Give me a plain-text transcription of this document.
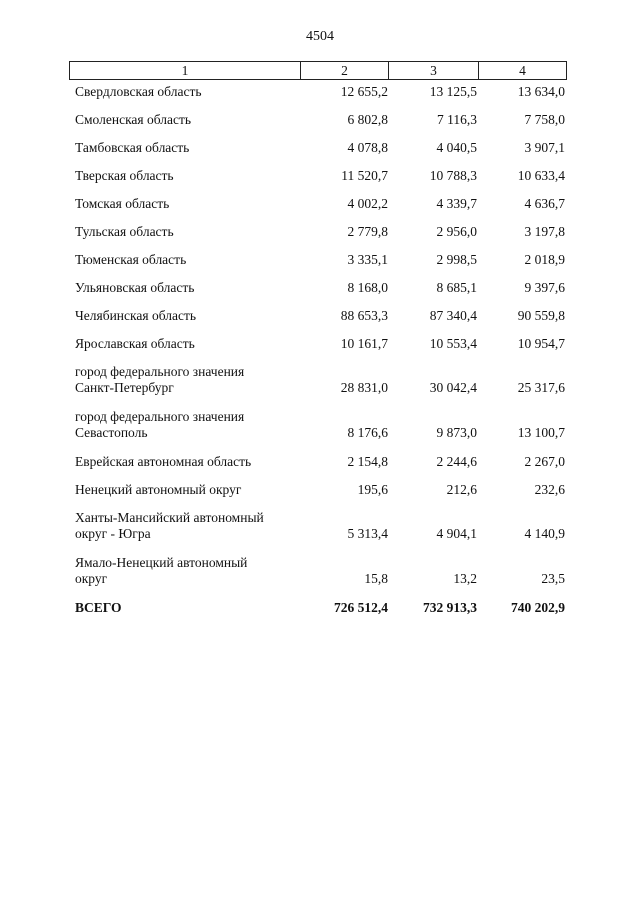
4504
1	2	3	4
Свердловская область	12 655,2	13 125,5	13 634,0
Смоленская область	6 802,8	7 116,3	7 758,0
Тамбовская область	4 078,8	4 040,5	3 907,1
Тверская область	11 520,7	10 788,3	10 633,4
Томская область	4 002,2	4 339,7	4 636,7
Тульская область	2 779,8	2 956,0	3 197,8
Тюменская область	3 335,1	2 998,5	2 018,9
Ульяновская область	8 168,0	8 685,1	9 397,6
Челябинская область	88 653,3	87 340,4	90 559,8
Ярославская область	10 161,7	10 553,4	10 954,7
город федерального значения
Санкт-Петербург	28 831,0	30 042,4	25 317,6
город федерального значения
Севастополь	8 176,6	9 873,0	13 100,7
Еврейская автономная область	2 154,8	2 244,6	2 267,0
Ненецкий автономный округ	195,6	212,6	232,6
Ханты-Мансийский автономный
округ - Югра	5 313,4	4 904,1	4 140,9
Ямало-Ненецкий автономный
округ	15,8	13,2	23,5
ВСЕГО	726 512,4	732 913,3	740 202,9
